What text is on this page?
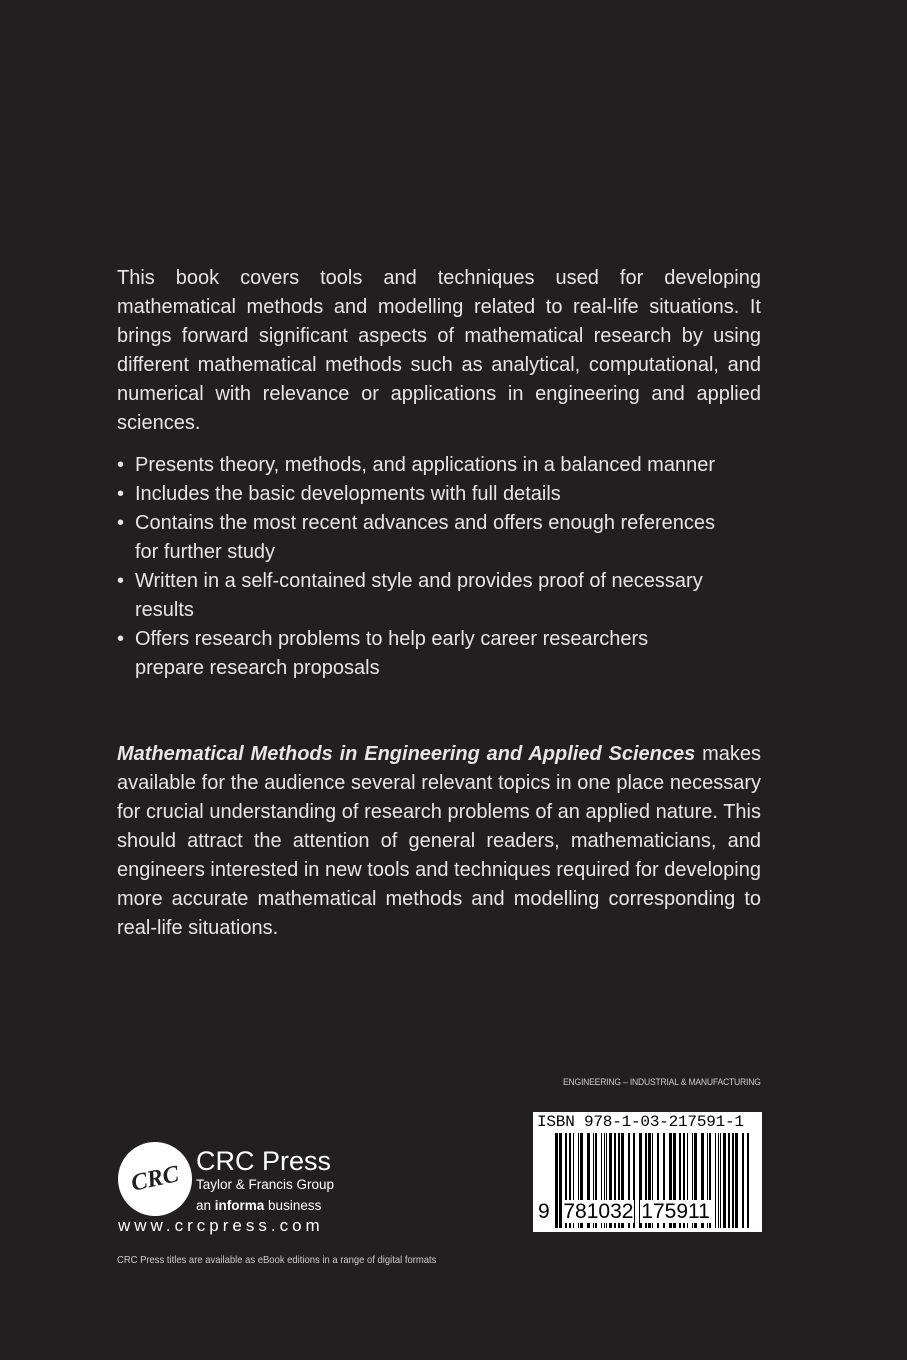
This book covers tools and techniques used for developing mathematical methods and modelling related to real-life situations. It brings forward significant aspects of mathematical research by using different mathematical methods such as analytical, computational, and numerical with relevance or applications in engineering and applied sciences.
• Presents theory, methods, and applications in a balanced manner
• Includes the basic developments with full details
• Contains the most recent advances and offers enough references for further study
• Written in a self-contained style and provides proof of necessary results
• Offers research problems to help early career researchers prepare research proposals
Mathematical Methods in Engineering and Applied Sciences makes available for the audience several relevant topics in one place necessary for crucial understanding of research problems of an applied nature. This should attract the attention of general readers, mathematicians, and engineers interested in new tools and techniques required for developing more accurate mathematical methods and modelling corresponding to real-life situations.
ENGINEERING – INDUSTRIAL & MANUFACTURING
ISBN 978-1-03-217591-1
9 781032 175911
CRC CRC Press
Taylor & Francis Group
an informa business
www.crcpress.com
CRC Press titles are available as eBook editions in a range of digital formats
